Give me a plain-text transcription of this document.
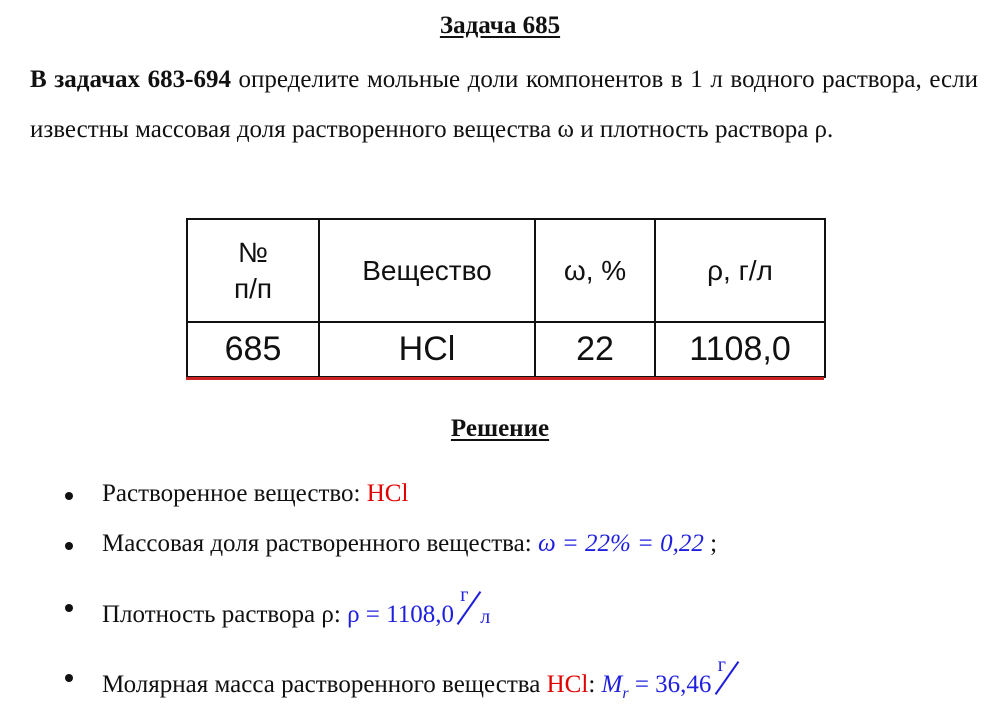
Задача 685
В задачах 683-694 определите мольные доли компонентов в 1 л водного раствора, если известны массовая доля растворенного вещества ω и плотность раствора ρ.
№
п/п	Вещество	ω, %	ρ, г/л
685	HCl	22	1108,0
Решение
Растворенное вещество: HCl
Массовая доля растворенного вещества: ω = 22% = 0,22 ;
Плотность раствора ρ: ρ = 1108,0
г
л
Молярная масса растворенного вещества HCl: $M_r = 36,46$
г
